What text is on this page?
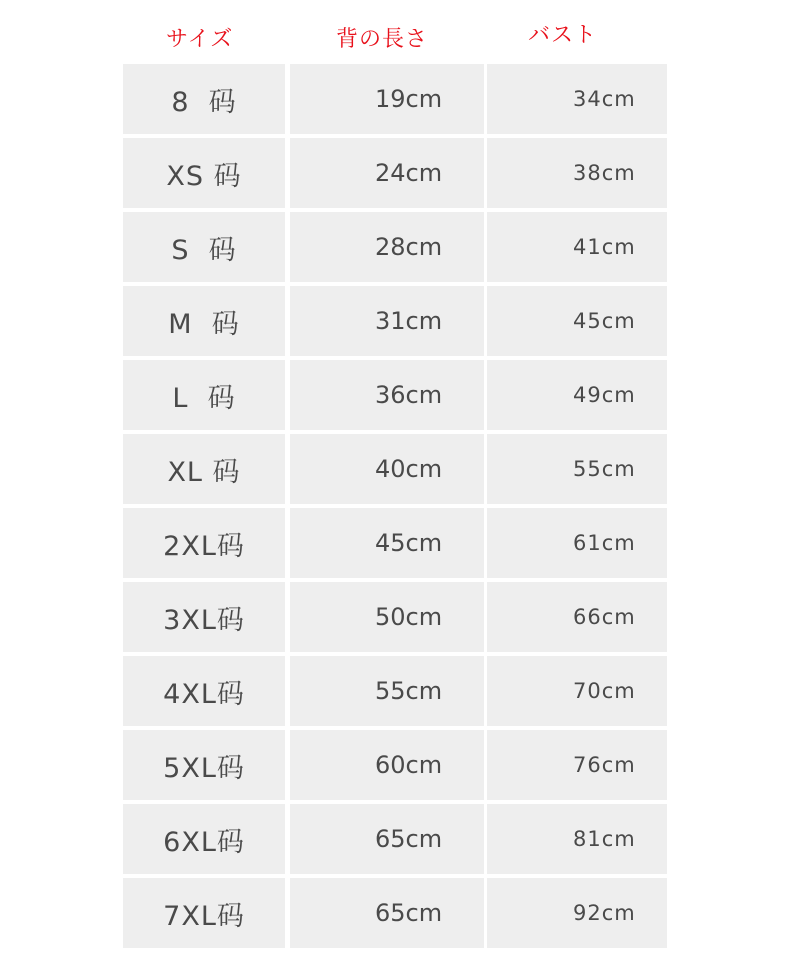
サイズ	背の長さ	バスト
8  码	19cm	34cm
XS 码	24cm	38cm
S  码	28cm	41cm
M  码	31cm	45cm
L  码	36cm	49cm
XL 码	40cm	55cm
2XL码	45cm	61cm
3XL码	50cm	66cm
4XL码	55cm	70cm
5XL码	60cm	76cm
6XL码	65cm	81cm
7XL码	65cm	92cm
